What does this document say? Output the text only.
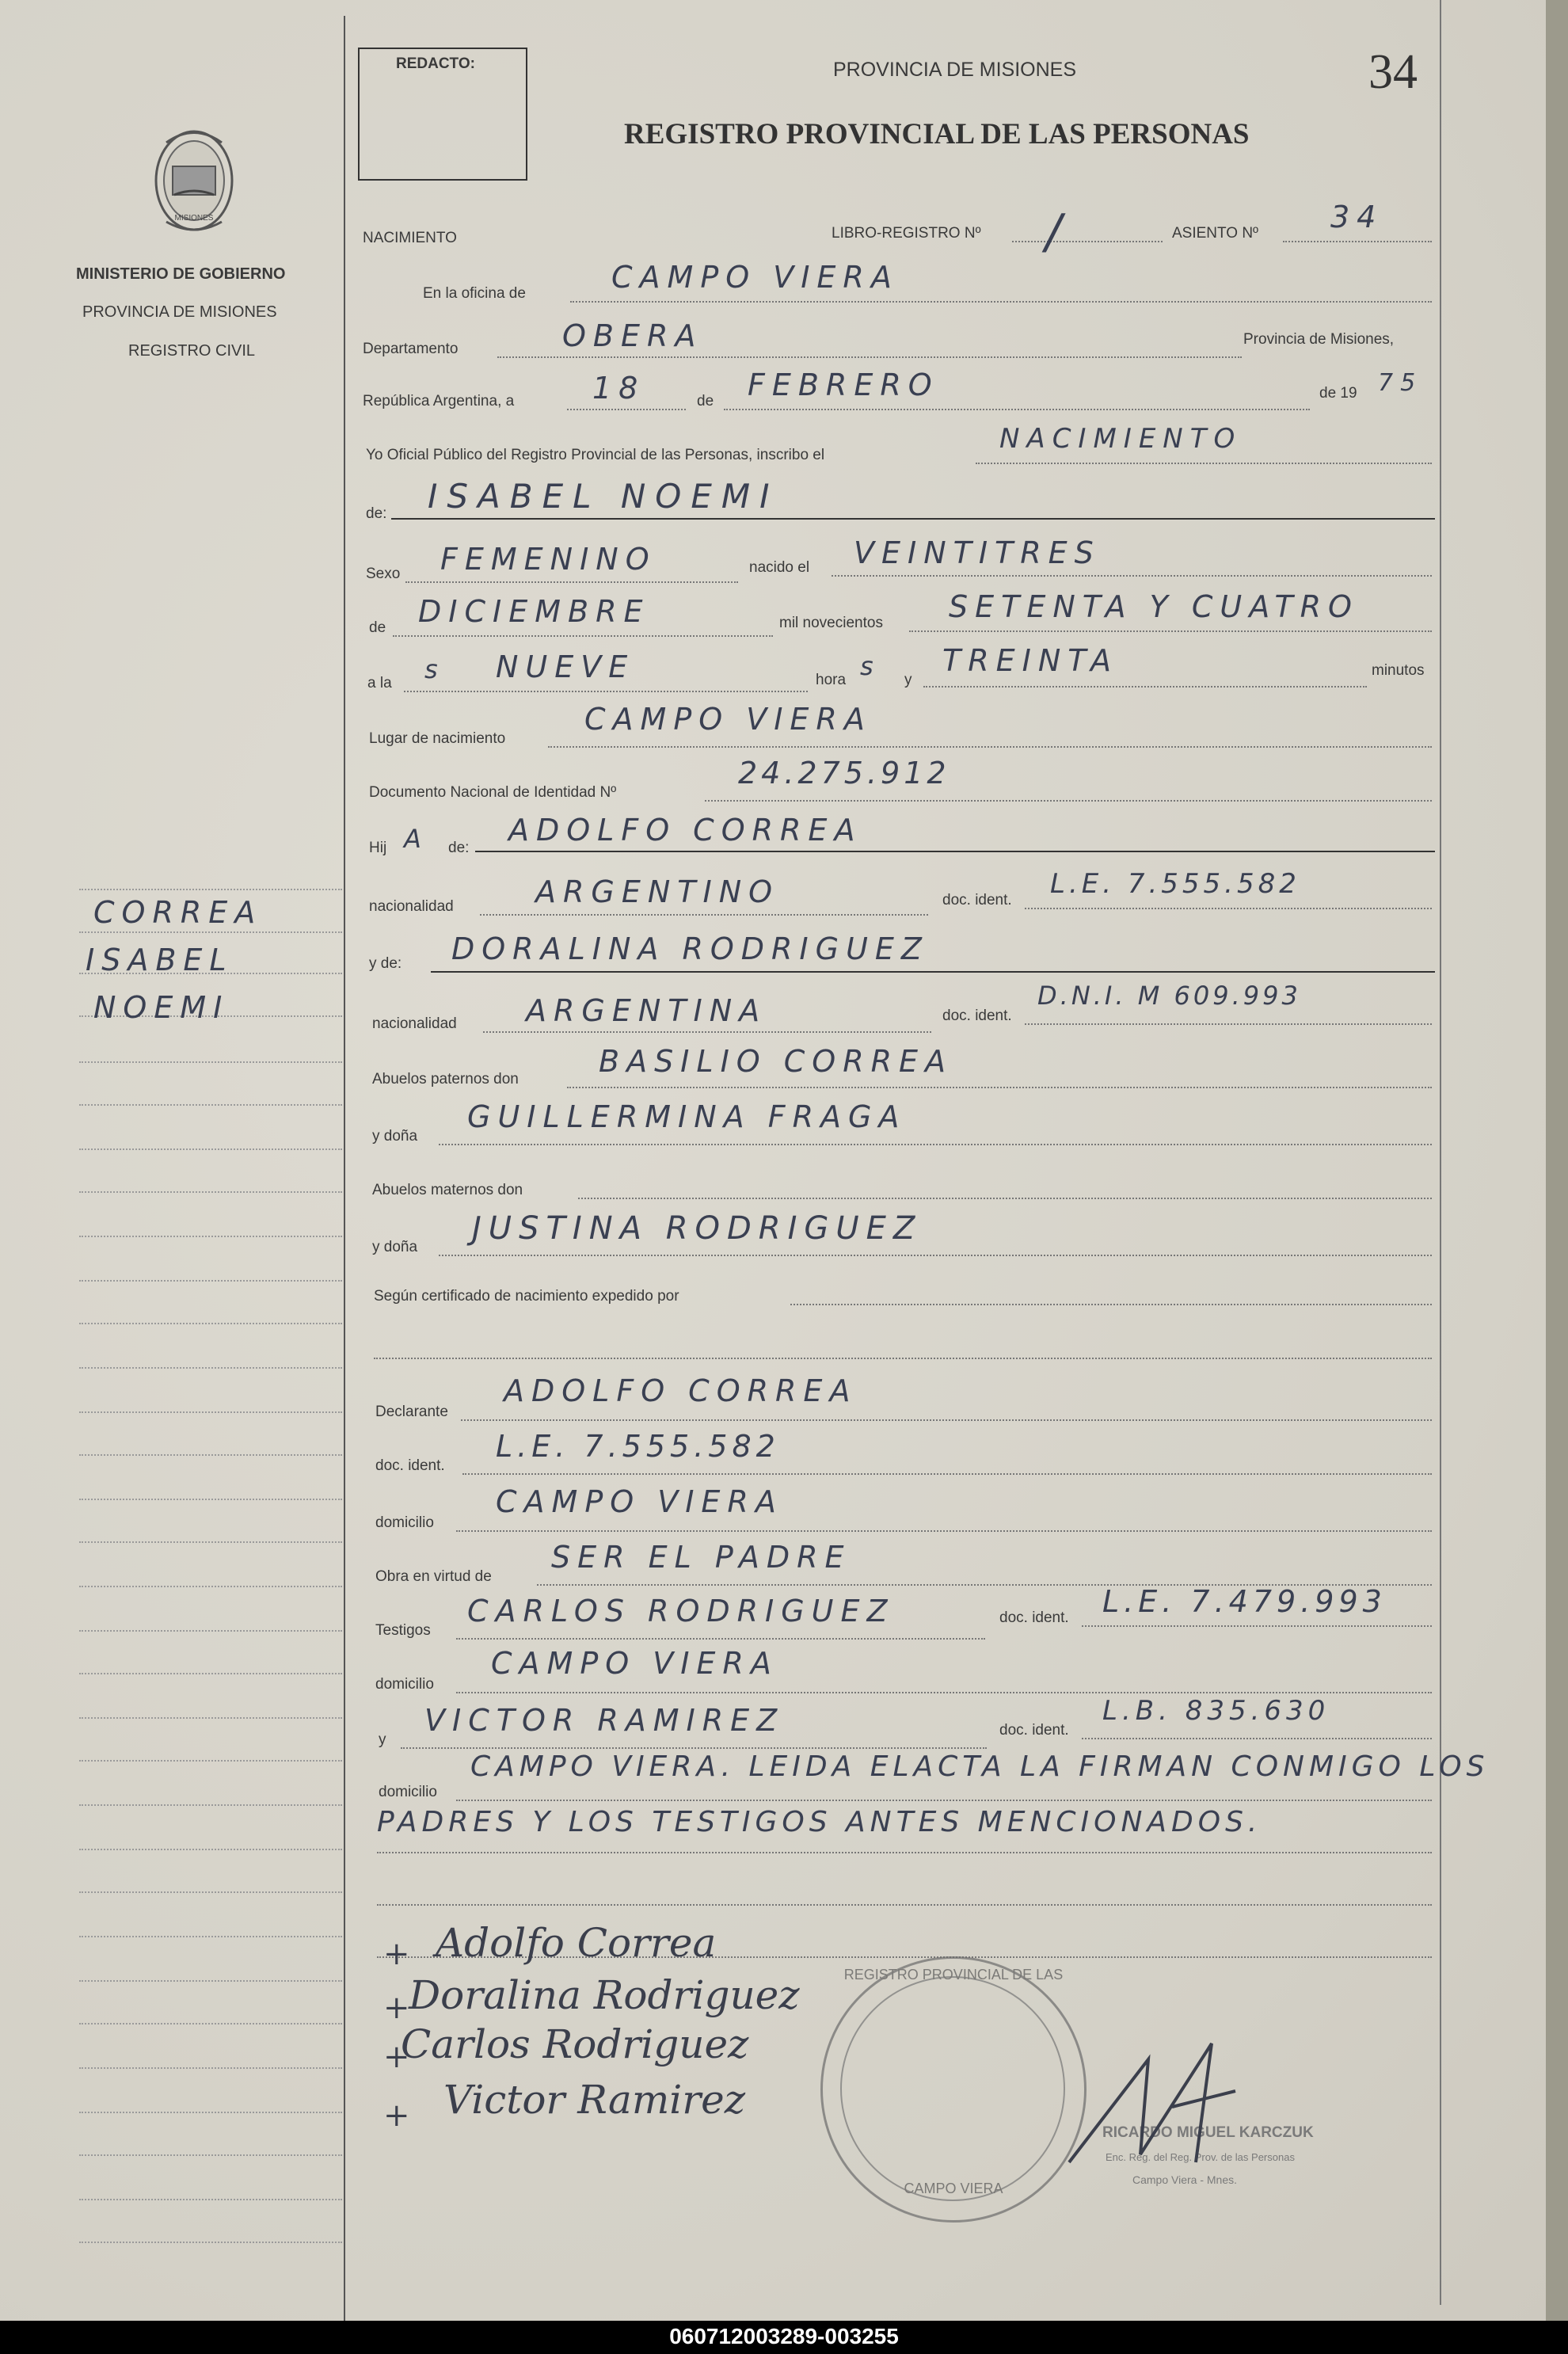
MISIONES
MINISTERIO DE GOBIERNO
PROVINCIA DE MISIONES
REGISTRO CIVIL
CORREA
ISABEL
NOEMI
REDACTO:	PROVINCIA DE MISIONES
REGISTRO PROVINCIAL DE LAS PERSONAS
34
NACIMIENTO	LIBRO-REGISTRO Nº /	ASIENTO Nº 34
En la oficina de	CAMPO VIERA
Departamento	OBERA	Provincia de Misiones,
República Argentina, a	18	de FEBRERO	de 19 75
Yo Oficial Público del Registro Provincial de las Personas, inscribo el
NACIMIENTO
de: ISABEL NOEMI
Sexo FEMENINO	nacido el VEINTITRES
de DICIEMBRE	mil novecientos SETENTA Y CUATRO
a la s NUEVE	hora s y
TREINTA	minutos
Lugar de nacimiento
CAMPO VIERA
Documento Nacional de Identidad Nº
24.275.912
Hij A de:
ADOLFO CORREA
nacionalidad	ARGENTINO	doc. ident.
L.E. 7.555.582
y de: DORALINA RODRIGUEZ
nacionalidad ARGENTINA	doc. ident.
D.N.I. M 609.993
Abuelos paternos don
BASILIO CORREA
y doña
GUILLERMINA FRAGA
Abuelos maternos don
y doña
JUSTINA RODRIGUEZ
Según certificado de nacimiento expedido por
Declarante
ADOLFO CORREA
doc. ident.
L.E. 7.555.582
domicilio
CAMPO VIERA
Obra en virtud de
SER EL PADRE
Testigos
CARLOS RODRIGUEZ	doc. ident. L.E. 7.479.993
domicilio
CAMPO VIERA
y
VICTOR RAMIREZ	doc. ident.
L.B. 835.630
domicilio
CAMPO VIERA. LEIDA ELACTA LA FIRMAN CONMIGO LOS
PADRES Y LOS TESTIGOS ANTES MENCIONADOS.
+ Adolfo Correa
+
Doralina Rodriguez
+
Carlos Rodriguez
+ Victor Ramirez
REGISTRO PROVINCIAL DE LAS
CAMPO VIERA
RICARDO MIGUEL KARCZUK
Enc. Reg. del Reg. Prov. de las Personas
Campo Viera - Mnes.
060712003289-003255
